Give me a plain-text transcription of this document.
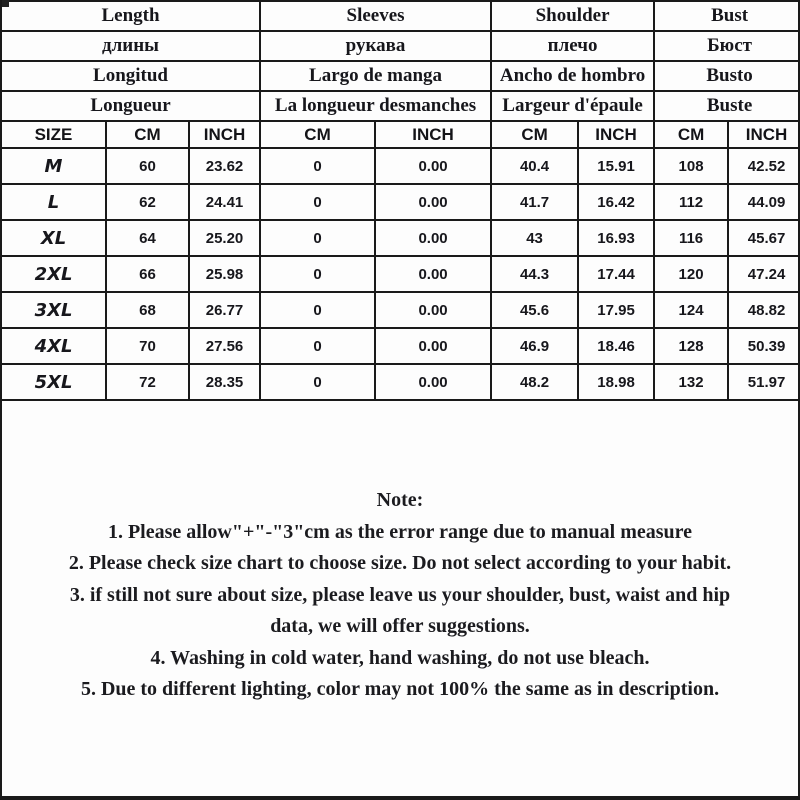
Length			Sleeves		Shoulder		Bust	
длины			рукава		плечо		Бюст	
Longitud			Largo de manga		Ancho de hombro		Busto	
Longueur			La longueur desmanches		Largeur d'épaule		Buste	
SIZE	CM	INCH	CM	INCH	CM	INCH	CM	INCH
M	60	23.62	0	0.00	40.4	15.91	108	42.52
L	62	24.41	0	0.00	41.7	16.42	112	44.09
XL	64	25.20	0	0.00	43	16.93	116	45.67
2XL	66	25.98	0	0.00	44.3	17.44	120	47.24
3XL	68	26.77	0	0.00	45.6	17.95	124	48.82
4XL	70	27.56	0	0.00	46.9	18.46	128	50.39
5XL	72	28.35	0	0.00	48.2	18.98	132	51.97
Note:
1. Please allow"+"-"3"cm as the error range due to manual measure
2. Please check size chart to choose size. Do not select according to your habit.
3. if still not sure about size, please leave us your shoulder, bust, waist and hip
data, we will offer suggestions.
4. Washing in cold water, hand washing, do not use bleach.
5. Due to different lighting, color may not 100% the same as in description.
